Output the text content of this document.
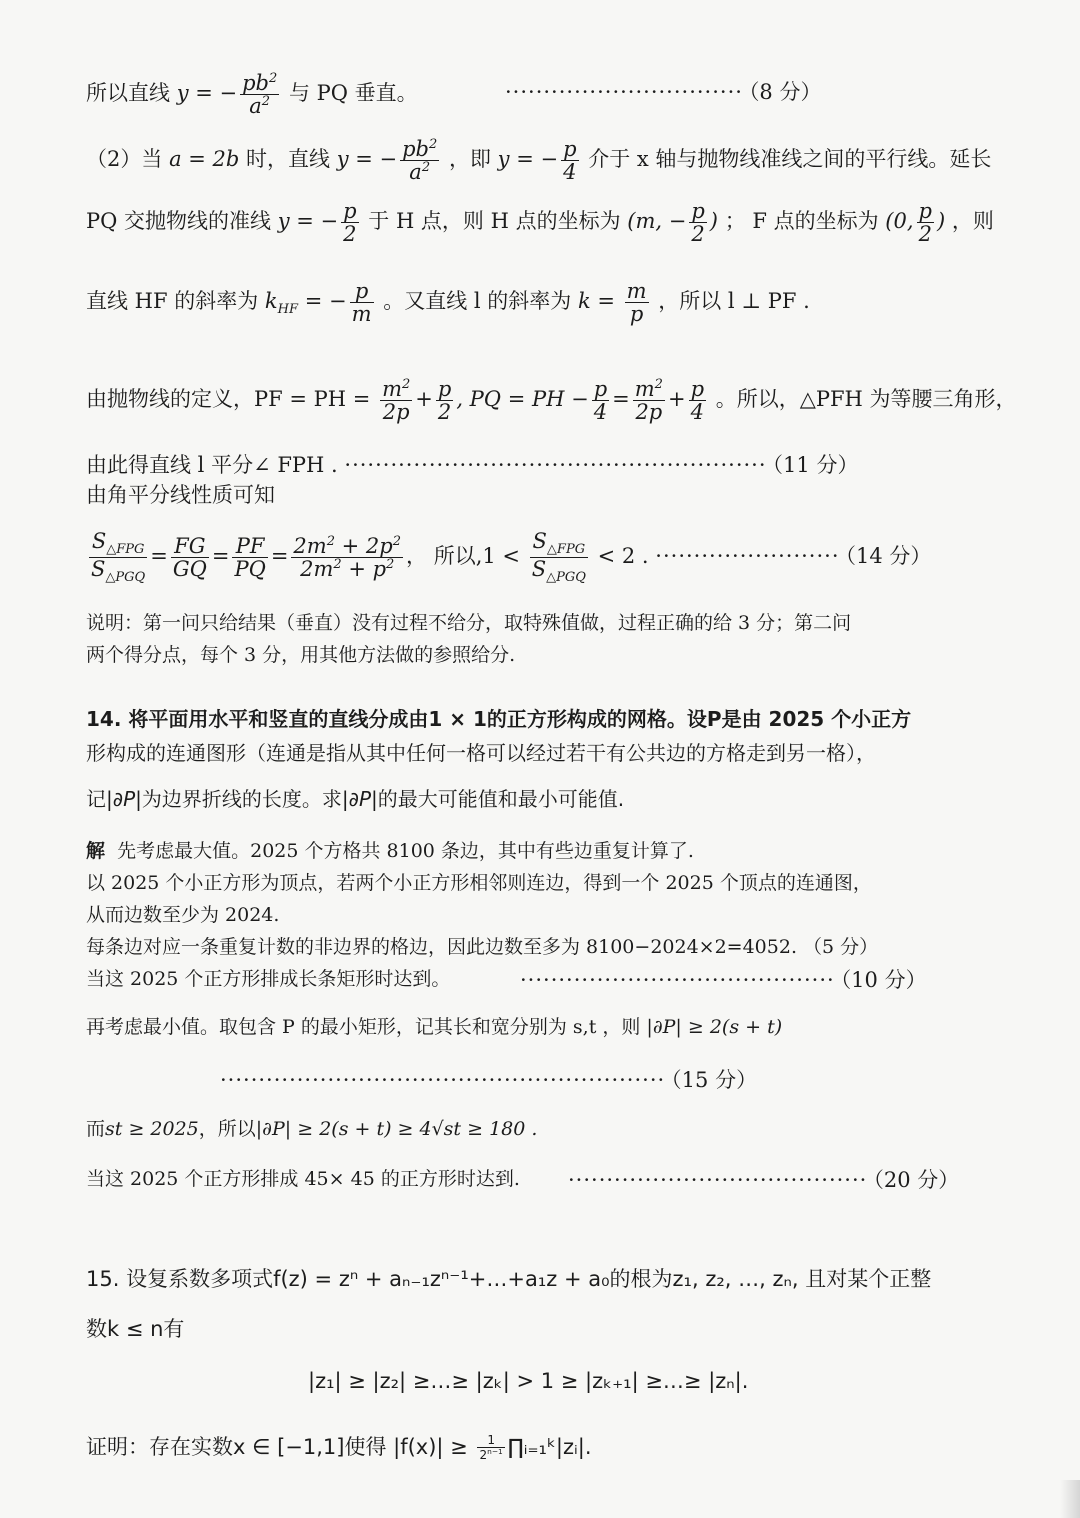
所以直线 y = − $\frac{pb^2}{a^2}$ 与 PQ 垂直。	······························· （8 分）
（2）当 a = 2b 时，直线 y = − $\frac{pb^2}{a^2}$ ，即 y = − $\frac{p}{4}$ 介于 x 轴与抛物线准线之间的平行线。延长
PQ 交抛物线的准线 y = − $\frac{p}{2}$ 于 H 点，则 H 点的坐标为 (m, − $\frac{p}{2}$ ) ； F 点的坐标为 (0, $\frac{p}{2}$ ) ，则
直线 HF 的斜率为 $k_{HF}$ = − $\frac{p}{m}$ 。又直线 l 的斜率为 $k = \frac{m}{p}$ ，所以 l ⊥ PF .
由抛物线的定义，PF = PH = $\frac{m^2}{2p} + \frac{p}{2}$ , PQ = PH − $\frac{p}{4} = \frac{m^2}{2p} + \frac{p}{4}$ 。所以，△PFH 为等腰三角形，
由此得直线 l 平分∠ FPH . ······················································· （11 分）
由角平分线性质可知
$\frac{S_{\triangle FPG}}{S_{\triangle PGQ}} = \frac{FG}{GQ} = \frac{PF}{PQ} = \frac{2m^2 + 2p^2}{2m^2 + p^2}$ ， 所以$,1 < \frac{S_{\triangle FPG}}{S_{\triangle PGQ}} < 2$ . ························ （14 分）
说明：第一问只给结果（垂直）没有过程不给分，取特殊值做，过程正确的给 3 分；第二问
两个得分点，每个 3 分，用其他方法做的参照给分.
14. 将平面用水平和竖直的直线分成由1 × 1的正方形构成的网格。设P是由 2025 个小正方
形构成的连通图形（连通是指从其中任何一格可以经过若干有公共边的方格走到另一格），
记|∂P|为边界折线的长度。求|∂P|的最大可能值和最小可能值.
解 先考虑最大值。2025 个方格共 8100 条边，其中有些边重复计算了.
以 2025 个小正方形为顶点，若两个小正方形相邻则连边，得到一个 2025 个顶点的连通图，
从而边数至少为 2024.
每条边对应一条重复计数的非边界的格边，因此边数至多为 8100−2024×2=4052. （5 分）
当这 2025 个正方形排成长条矩形时达到。	········································· （10 分）
再考虑最小值。取包含 P 的最小矩形，记其长和宽分别为 s,t ，则 |∂P| ≥ 2(s + t)
·························································· （15 分）
而st ≥ 2025，所以|∂P| ≥ 2(s + t) ≥ 4√st ≥ 180 .
当这 2025 个正方形排成 45× 45 的正方形时达到. ······································· （20 分）
15. 设复系数多项式f(z) = zⁿ + aₙ₋₁zⁿ⁻¹+…+a₁z + a₀的根为z₁, z₂, …, zₙ, 且对某个正整
数k ≤ n有
|z₁| ≥ |z₂| ≥…≥ |zₖ| > 1 ≥ |zₖ₊₁| ≥…≥ |zₙ|.
证明：存在实数x ∈ [−1,1]使得 $|f(x)| \ge \frac{1}{2^{n-1}}$ ∏ᵢ₌₁ᵏ|zᵢ|.
